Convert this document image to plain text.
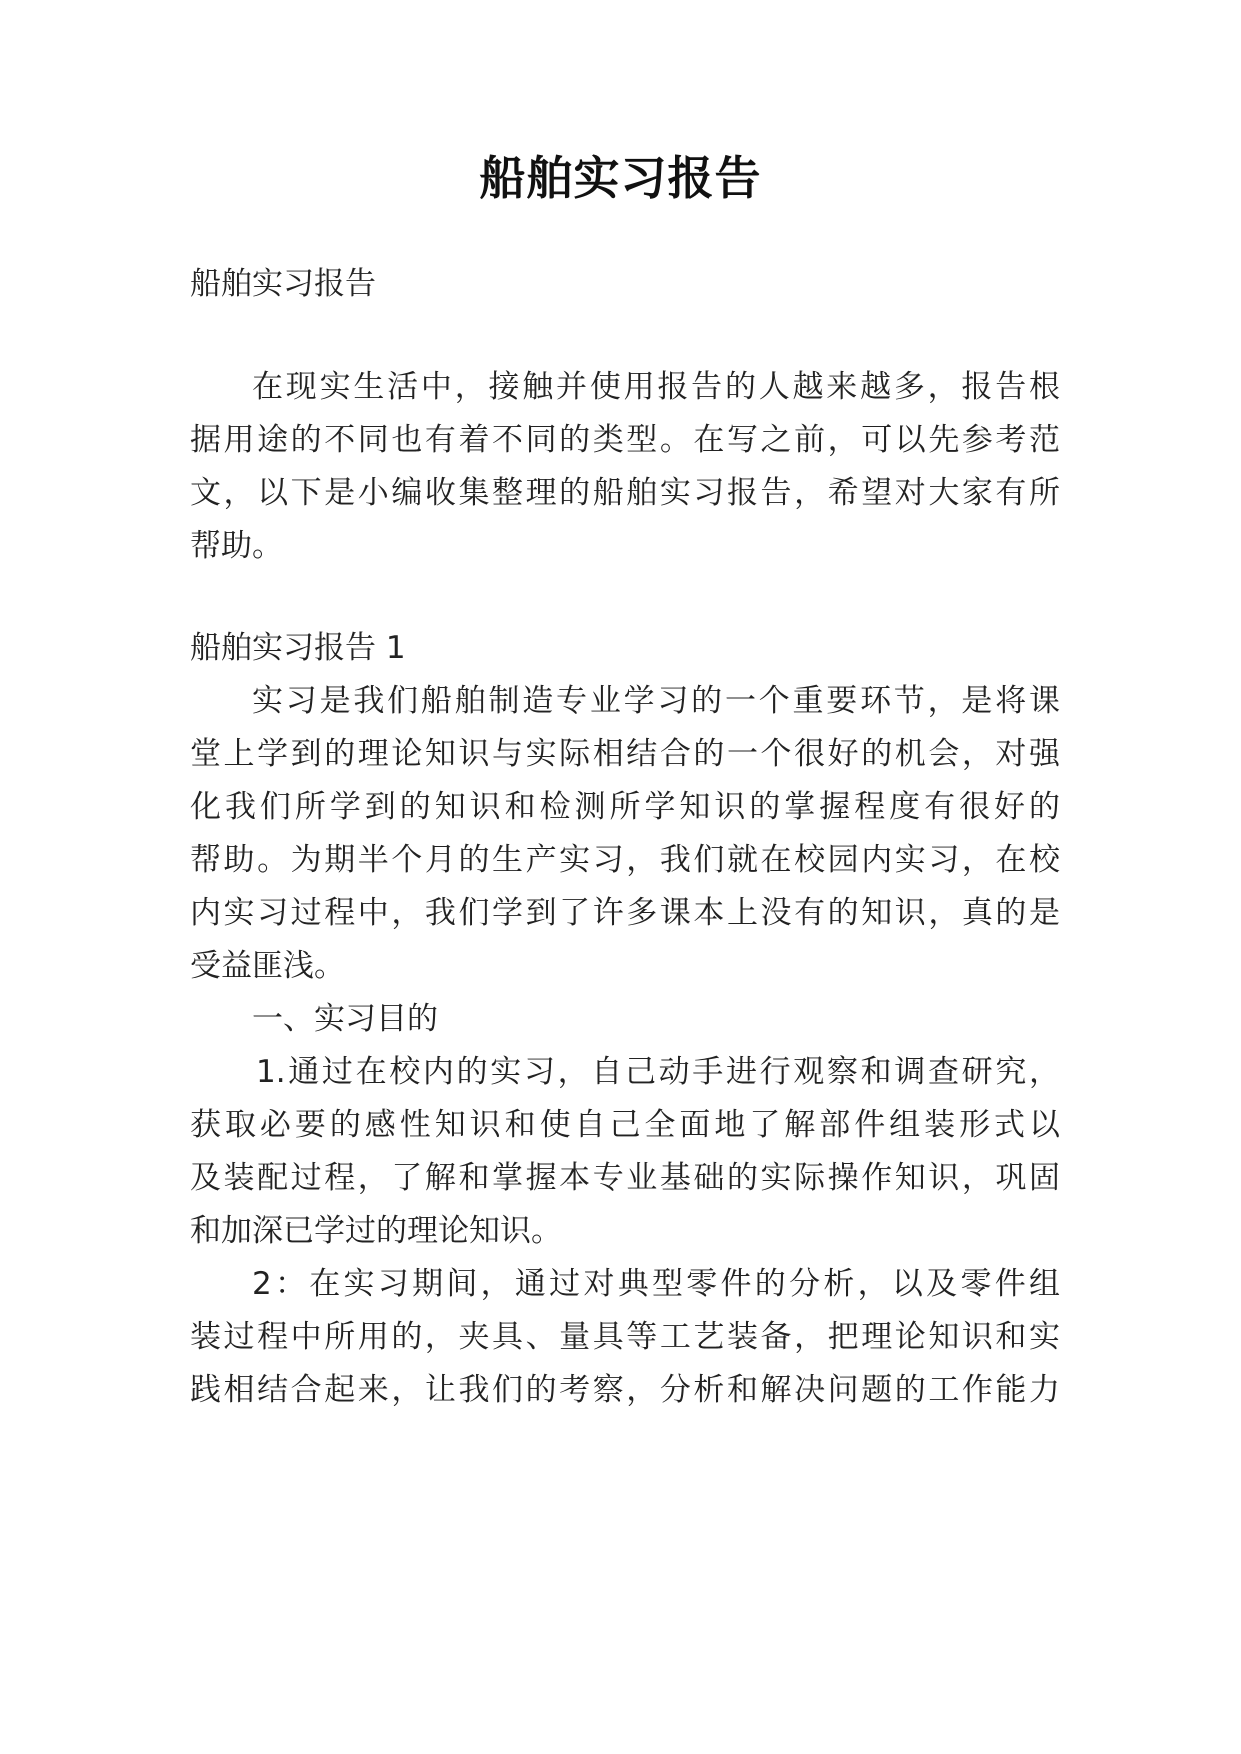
船舶实习报告
船舶实习报告
在现实生活中，接触并使用报告的人越来越多，报告根
据用途的不同也有着不同的类型。在写之前，可以先参考范
文，以下是小编收集整理的船舶实习报告，希望对大家有所
帮助。
船舶实习报告 1
实习是我们船舶制造专业学习的一个重要环节，是将课
堂上学到的理论知识与实际相结合的一个很好的机会，对强
化我们所学到的知识和检测所学知识的掌握程度有很好的
帮助。为期半个月的生产实习，我们就在校园内实习，在校
内实习过程中，我们学到了许多课本上没有的知识，真的是
受益匪浅。
一、实习目的
1.通过在校内的实习，自己动手进行观察和调查研究，
获取必要的感性知识和使自己全面地了解部件组装形式以
及装配过程，了解和掌握本专业基础的实际操作知识，巩固
和加深已学过的理论知识。
2：在实习期间，通过对典型零件的分析，以及零件组
装过程中所用的，夹具、量具等工艺装备，把理论知识和实
践相结合起来，让我们的考察，分析和解决问题的工作能力
